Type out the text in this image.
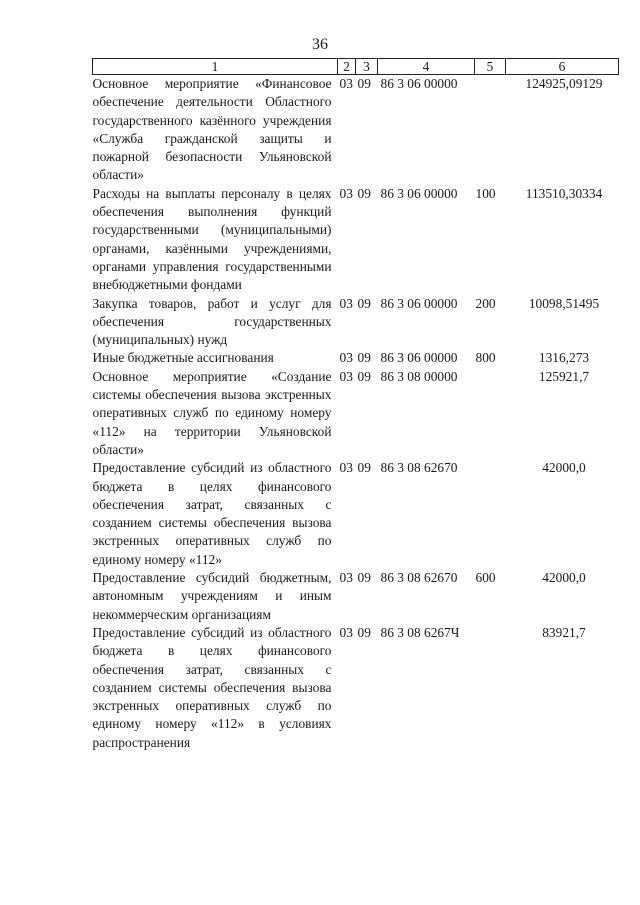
36
1	2	3	4	5	6
Основное мероприятие «Финансовое обеспечение деятельности Областного государственного казённого учреждения «Служба гражданской защиты и пожарной безопасности Ульяновской области»	03	09	86 3 06 00000		124925,09129
Расходы на выплаты персоналу в целях обеспечения выполнения функций государственными (муниципальными) органами, казёнными учреждениями, органами управления государственными внебюджетными фондами	03	09	86 3 06 00000	100	113510,30334
Закупка товаров, работ и услуг для обеспечения государственных (муниципальных) нужд	03	09	86 3 06 00000	200	10098,51495
Иные бюджетные ассигнования	03	09	86 3 06 00000	800	1316,273
Основное мероприятие «Создание системы обеспечения вызова экстренных оперативных служб по единому номеру «112» на территории Ульяновской области»	03	09	86 3 08 00000		125921,7
Предоставление субсидий из областного бюджета в целях финансового обеспечения затрат, связанных с созданием системы обеспечения вызова экстренных оперативных служб по единому номеру «112»	03	09	86 3 08 62670		42000,0
Предоставление субсидий бюджетным, автономным учреждениям и иным некоммерческим организациям	03	09	86 3 08 62670	600	42000,0
Предоставление субсидий из областного бюджета в целях финансового обеспечения затрат, связанных с созданием системы обеспечения вызова экстренных оперативных служб по единому номеру «112» в условиях распространения	03	09	86 3 08 6267Ч		83921,7
